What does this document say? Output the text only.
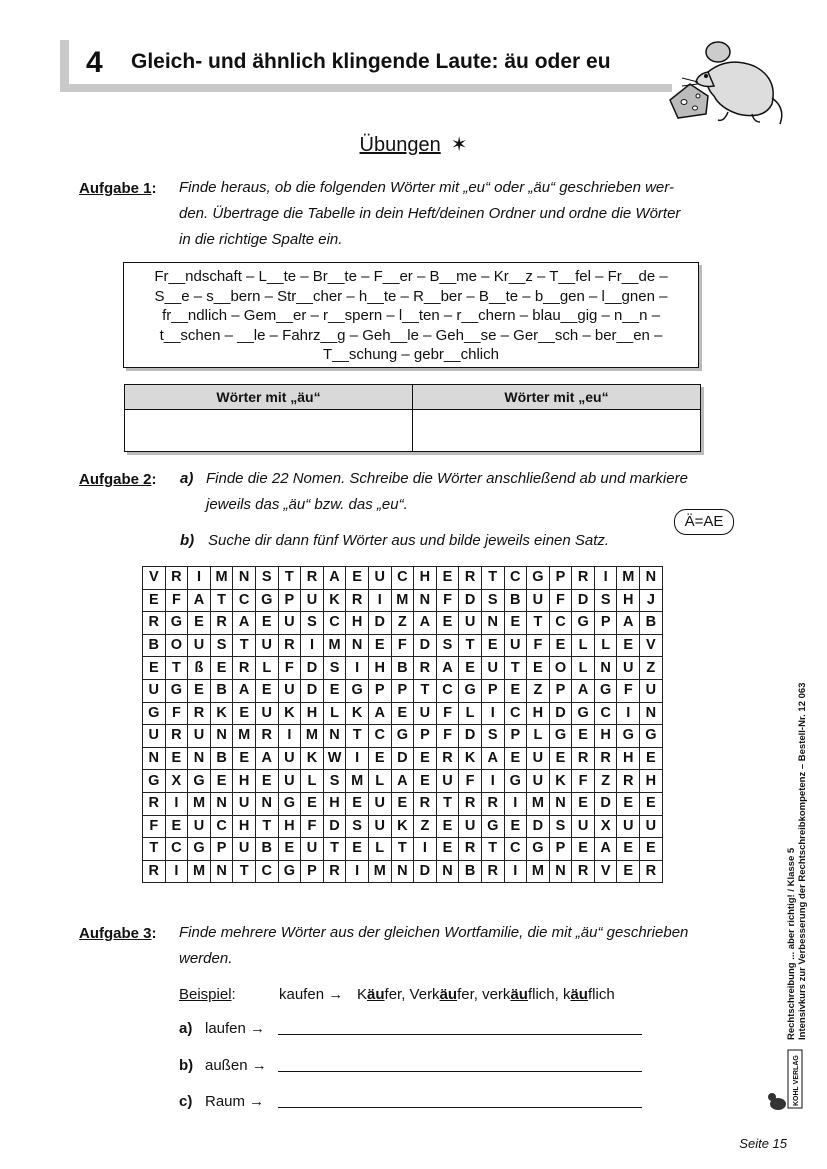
4 Gleich- und ähnlich klingende Laute: äu oder eu
Übungen ✶
Aufgabe 1: Finde heraus, ob die folgenden Wörter mit „eu“ oder „äu“ geschrieben wer-
den. Übertrage die Tabelle in dein Heft/deinen Ordner und ordne die Wörter
in die richtige Spalte ein.
Fr__ndschaft – L__te – Br__te – F__er – B__me – Kr__z – T__fel – Fr__de –
S__e – s__bern – Str__cher – h__te – R__ber – B__te – b__gen – l__gnen –
fr__ndlich – Gem__er – r__spern – l__ten – r__chern – blau__gig – n__n –
t__schen – __le – Fahrz__g – Geh__le – Geh__se – Ger__sch – ber__en –
T__schung – gebr__chlich
Wörter mit „äu“	Wörter mit „eu“

Aufgabe 2: a) Finde die 22 Nomen. Schreibe die Wörter anschließend ab und markiere
jeweils das „äu“ bzw. das „eu“.
Ä=AE
b) Suche dir dann fünf Wörter aus und bilde jeweils einen Satz.
V	R	I	M	N	S	T	R	A	E	U	C	H	E	R	T	C	G	P	R	I	M	N
E	F	A	T	C	G	P	U	K	R	I	M	N	F	D	S	B	U	F	D	S	H	J
R	G	E	R	A	E	U	S	C	H	D	Z	A	E	U	N	E	T	C	G	P	A	B
B	O	U	S	T	U	R	I	M	N	E	F	D	S	T	E	U	F	E	L	L	E	V
E	T	ß	E	R	L	F	D	S	I	H	B	R	A	E	U	T	E	O	L	N	U	Z
U	G	E	B	A	E	U	D	E	G	P	P	T	C	G	P	E	Z	P	A	G	F	U
G	F	R	K	E	U	K	H	L	K	A	E	U	F	L	I	C	H	D	G	C	I	N
U	R	U	N	M	R	I	M	N	T	C	G	P	F	D	S	P	L	G	E	H	G	G
N	E	N	B	E	A	U	K	W	I	E	D	E	R	K	A	E	U	E	R	R	H	E
G	X	G	E	H	E	U	L	S	M	L	A	E	U	F	I	G	U	K	F	Z	R	H
R	I	M	N	U	N	G	E	H	E	U	E	R	T	R	R	I	M	N	E	D	E	E
F	E	U	C	H	T	H	F	D	S	U	K	Z	E	U	G	E	D	S	U	X	U	U
T	C	G	P	U	B	E	U	T	E	L	T	I	E	R	T	C	G	P	E	A	E	E
R	I	M	N	T	C	G	P	R	I	M	N	D	N	B	R	I	M	N	R	V	E	R
Aufgabe 3: Finde mehrere Wörter aus der gleichen Wortfamilie, die mit „äu“ geschrieben
werden.
Beispiel:	kaufen → Käufer, Verkäufer, verkäuflich, käuflich
a) laufen →
b) außen →
c) Raum →
Rechtschreibung ... aber richtig! / Klasse 5 Intensivkurs zur Verbesserung der Rechtschreibkompetenz – Bestell-Nr. 12 063
KOHL VERLAG
Seite 15
